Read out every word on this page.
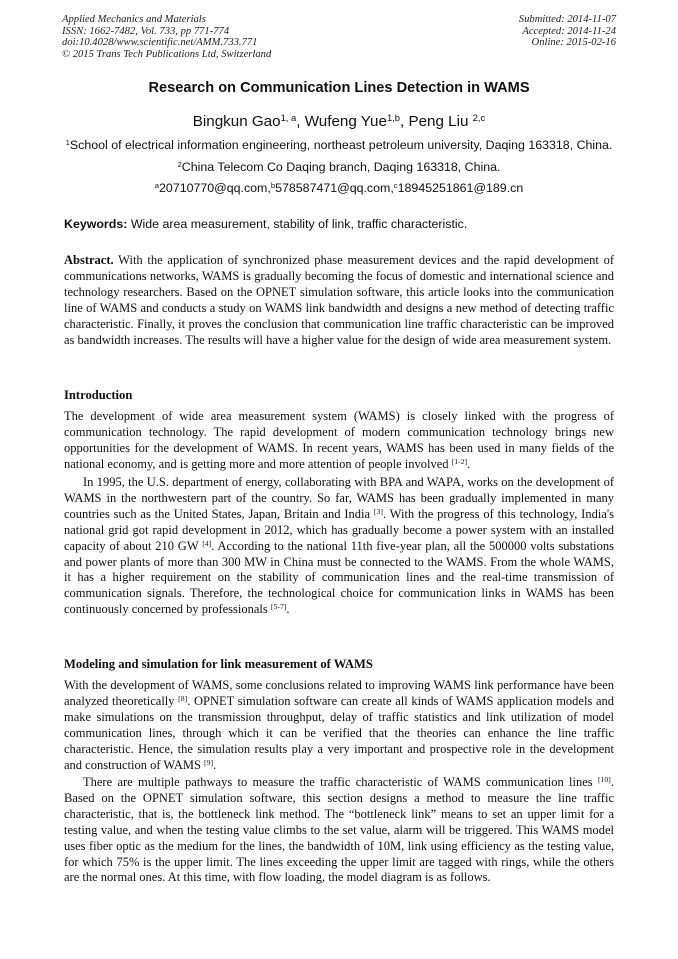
Applied Mechanics and Materials
ISSN: 1662-7482, Vol. 733, pp 771-774
doi:10.4028/www.scientific.net/AMM.733.771
© 2015 Trans Tech Publications Ltd, Switzerland
Submitted: 2014-11-07
Accepted: 2014-11-24
Online: 2015-02-16
Research on Communication Lines Detection in WAMS
Bingkun Gao$^{1, a}$, Wufeng Yue$^{1,b}$, Peng Liu $^{2,c}$
$^1$School of electrical information engineering, northeast petroleum university, Daqing 163318, China.
$^2$China Telecom Co Daqing branch, Daqing 163318, China.
$^a$20710770@qq.com,$^b$578587471@qq.com,$^c$18945251861@189.cn
Keywords: Wide area measurement, stability of link, traffic characteristic.
Abstract. With the application of synchronized phase measurement devices and the rapid development of communications networks, WAMS is gradually becoming the focus of domestic and international science and technology researchers. Based on the OPNET simulation software, this article looks into the communication line of WAMS and conducts a study on WAMS link bandwidth and designs a new method of detecting traffic characteristic. Finally, it proves the conclusion that communication line traffic characteristic can be improved as bandwidth increases. The results will have a higher value for the design of wide area measurement system.
Introduction
The development of wide area measurement system (WAMS) is closely linked with the progress of communication technology. The rapid development of modern communication technology brings new opportunities for the development of WAMS. In recent years, WAMS has been used in many fields of the national economy, and is getting more and more attention of people involved [1-2].
In 1995, the U.S. department of energy, collaborating with BPA and WAPA, works on the development of WAMS in the northwestern part of the country. So far, WAMS has been gradually implemented in many countries such as the United States, Japan, Britain and India [3]. With the progress of this technology, India's national grid got rapid development in 2012, which has gradually become a power system with an installed capacity of about 210 GW [4]. According to the national 11th five-year plan, all the 500000 volts substations and power plants of more than 300 MW in China must be connected to the WAMS. From the whole WAMS, it has a higher requirement on the stability of communication lines and the real-time transmission of communication signals. Therefore, the technological choice for communication links in WAMS has been continuously concerned by professionals [5-7].
Modeling and simulation for link measurement of WAMS
With the development of WAMS, some conclusions related to improving WAMS link performance have been analyzed theoretically [8]. OPNET simulation software can create all kinds of WAMS application models and make simulations on the transmission throughput, delay of traffic statistics and link utilization of model communication lines, through which it can be verified that the theories can enhance the line traffic characteristic. Hence, the simulation results play a very important and prospective role in the development and construction of WAMS [9].
There are multiple pathways to measure the traffic characteristic of WAMS communication lines [10]. Based on the OPNET simulation software, this section designs a method to measure the line traffic characteristic, that is, the bottleneck link method. The “bottleneck link” means to set an upper limit for a testing value, and when the testing value climbs to the set value, alarm will be triggered. This WAMS model uses fiber optic as the medium for the lines, the bandwidth of 10M, link using efficiency as the testing value, for which 75% is the upper limit. The lines exceeding the upper limit are tagged with rings, while the others are the normal ones. At this time, with flow loading, the model diagram is as follows.
